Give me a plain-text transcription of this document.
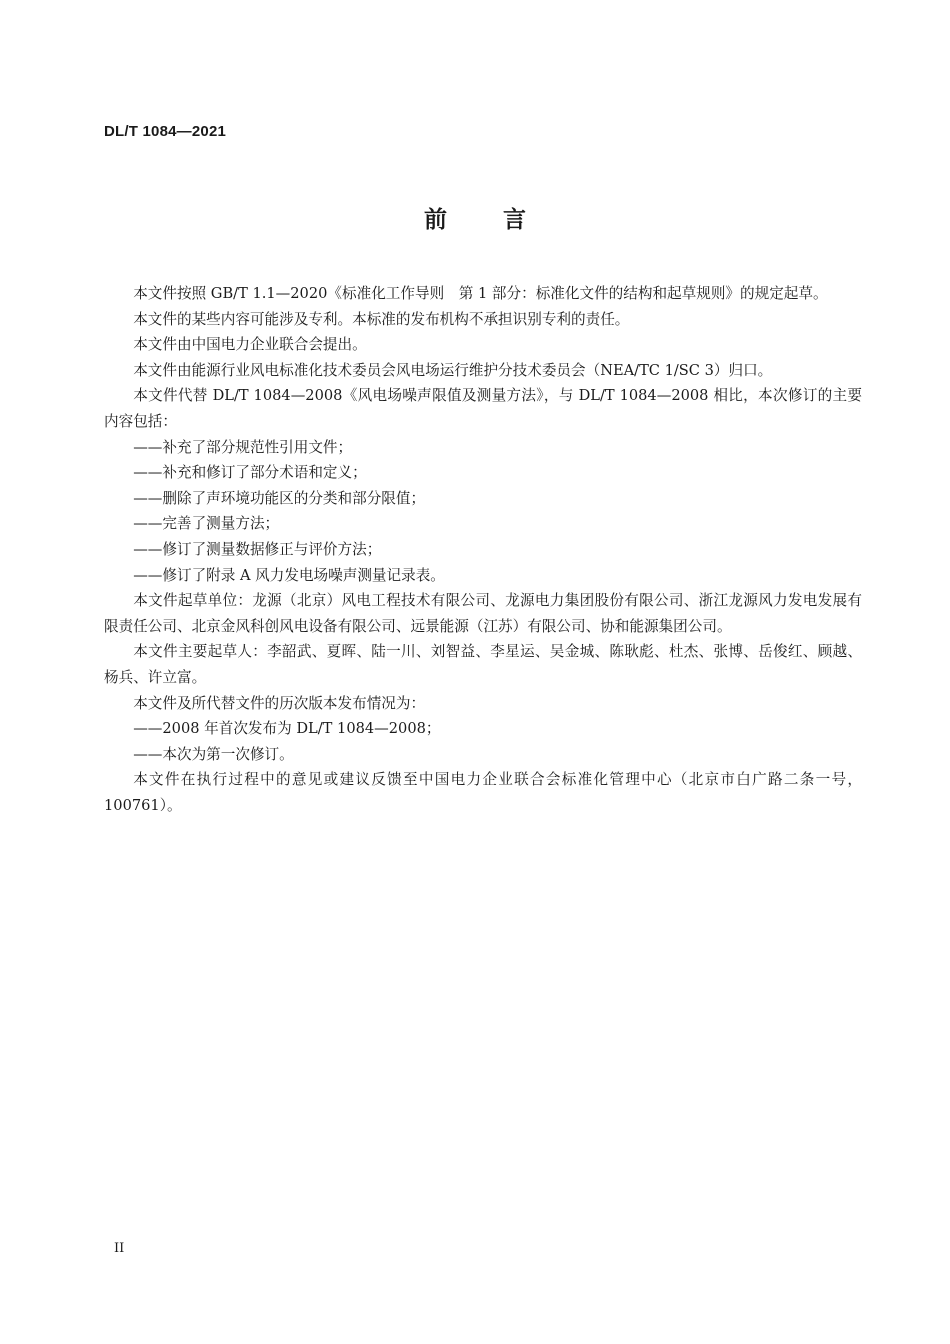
DL/T 1084—2021
前 言

本文件按照 GB/T 1.1—2020《标准化工作导则　第 1 部分：标准化文件的结构和起草规则》的规定起草。

本文件的某些内容可能涉及专利。本标准的发布机构不承担识别专利的责任。

本文件由中国电力企业联合会提出。

本文件由能源行业风电标准化技术委员会风电场运行维护分技术委员会（NEA/TC 1/SC 3）归口。

本文件代替 DL/T 1084—2008《风电场噪声限值及测量方法》，与 DL/T 1084—2008 相比，本次修订的主要内容包括：

——补充了部分规范性引用文件；

——补充和修订了部分术语和定义；

——删除了声环境功能区的分类和部分限值；

——完善了测量方法；

——修订了测量数据修正与评价方法；

——修订了附录 A 风力发电场噪声测量记录表。

本文件起草单位：龙源（北京）风电工程技术有限公司、龙源电力集团股份有限公司、浙江龙源风力发电发展有限责任公司、北京金风科创风电设备有限公司、远景能源（江苏）有限公司、协和能源集团公司。

本文件主要起草人：李韶武、夏晖、陆一川、刘智益、李星运、吴金城、陈耿彪、杜杰、张博、岳俊红、顾越、杨兵、许立富。

本文件及所代替文件的历次版本发布情况为：

——2008 年首次发布为 DL/T 1084—2008；

——本次为第一次修订。

本文件在执行过程中的意见或建议反馈至中国电力企业联合会标准化管理中心（北京市白广路二条一号，100761）。

II
